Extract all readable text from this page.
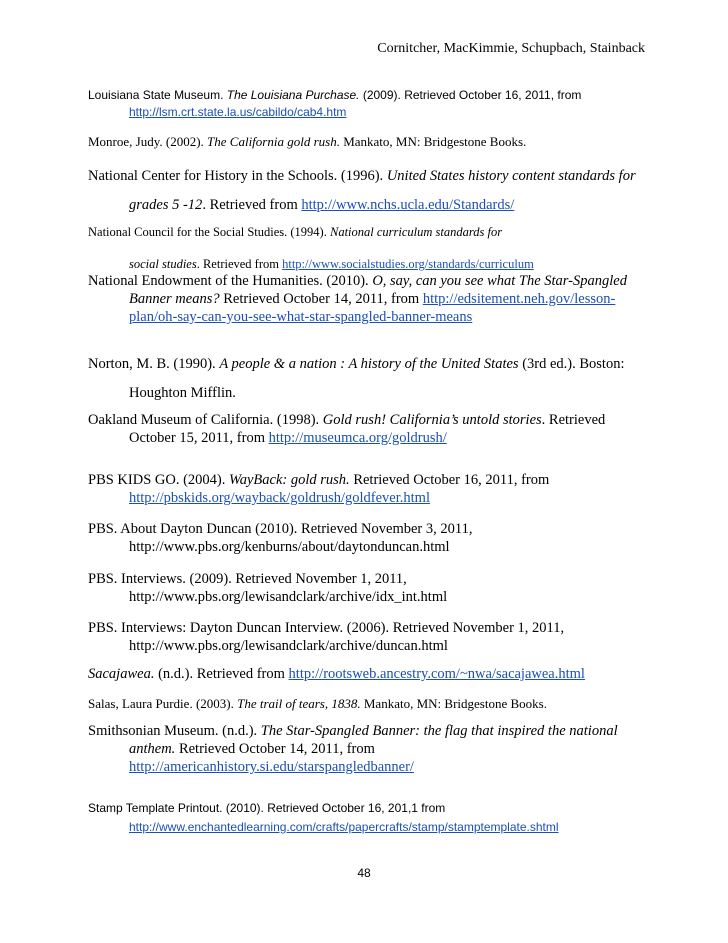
Cornitcher, MacKimmie, Schupbach, Stainback

Louisiana State Museum. The Louisiana Purchase. (2009). Retrieved October 16, 2011, from
http://lsm.crt.state.la.us/cabildo/cab4.htm

Monroe, Judy. (2002). The California gold rush. Mankato, MN: Bridgestone Books.

National Center for History in the Schools. (1996). United States history content standards for
grades 5 -12. Retrieved from http://www.nchs.ucla.edu/Standards/

National Council for the Social Studies. (1994). National curriculum standards for
social studies. Retrieved from http://www.socialstudies.org/standards/curriculum

National Endowment of the Humanities. (2010). O, say, can you see what The Star-Spangled
Banner means? Retrieved October 14, 2011, from http://edsitement.neh.gov/lesson-
plan/oh-say-can-you-see-what-star-spangled-banner-means

Norton, M. B. (1990). A people & a nation : A history of the United States (3rd ed.). Boston:
Houghton Mifflin.

Oakland Museum of California. (1998). Gold rush! California’s untold stories. Retrieved
October 15, 2011, from http://museumca.org/goldrush/

PBS KIDS GO. (2004). WayBack: gold rush. Retrieved October 16, 2011, from
http://pbskids.org/wayback/goldrush/goldfever.html

PBS. About Dayton Duncan (2010). Retrieved November 3, 2011,
http://www.pbs.org/kenburns/about/daytonduncan.html

PBS. Interviews. (2009). Retrieved November 1, 2011,
http://www.pbs.org/lewisandclark/archive/idx_int.html

PBS. Interviews: Dayton Duncan Interview. (2006). Retrieved November 1, 2011,
http://www.pbs.org/lewisandclark/archive/duncan.html

Sacajawea. (n.d.). Retrieved from http://rootsweb.ancestry.com/~nwa/sacajawea.html

Salas, Laura Purdie. (2003). The trail of tears, 1838. Mankato, MN: Bridgestone Books.

Smithsonian Museum. (n.d.). The Star-Spangled Banner: the flag that inspired the national
anthem. Retrieved October 14, 2011, from
http://americanhistory.si.edu/starspangledbanner/

Stamp Template Printout. (2010). Retrieved October 16, 201,1 from
http://www.enchantedlearning.com/crafts/papercrafts/stamp/stamptemplate.shtml

48
